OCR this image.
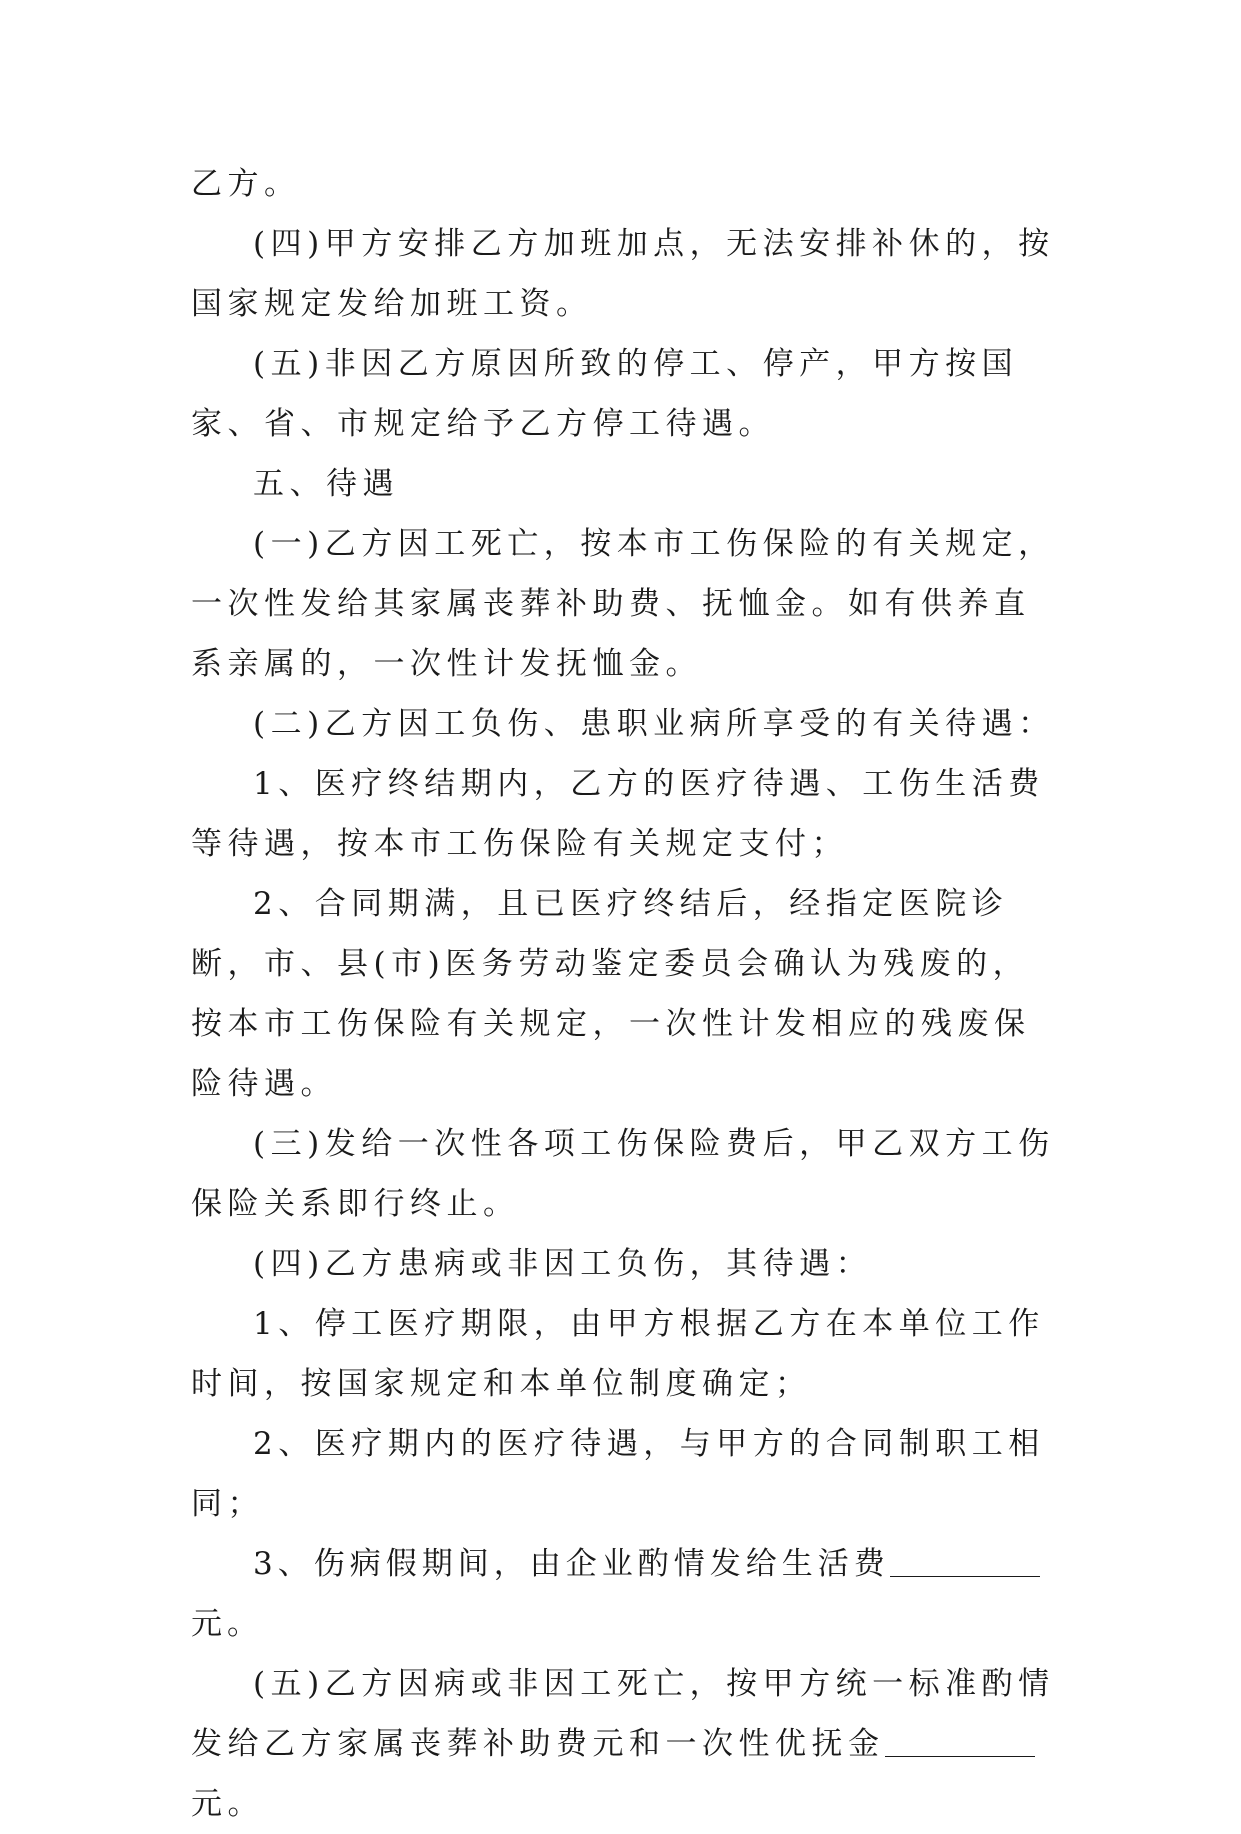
乙方。

(四)甲方安排乙方加班加点，无法安排补休的，按国家规定发给加班工资。

(五)非因乙方原因所致的停工、停产，甲方按国家、省、市规定给予乙方停工待遇。

五、待遇

(一)乙方因工死亡，按本市工伤保险的有关规定，一次性发给其家属丧葬补助费、抚恤金。如有供养直系亲属的，一次性计发抚恤金。

(二)乙方因工负伤、患职业病所享受的有关待遇：

1、医疗终结期内，乙方的医疗待遇、工伤生活费等待遇，按本市工伤保险有关规定支付；

2、合同期满，且已医疗终结后，经指定医院诊断，市、县(市)医务劳动鉴定委员会确认为残废的，按本市工伤保险有关规定，一次性计发相应的残废保险待遇。

(三)发给一次性各项工伤保险费后，甲乙双方工伤保险关系即行终止。

(四)乙方患病或非因工负伤，其待遇：

1、停工医疗期限，由甲方根据乙方在本单位工作时间，按国家规定和本单位制度确定；

2、医疗期内的医疗待遇，与甲方的合同制职工相同；

3、伤病假期间，由企业酌情发给生活费元。

(五)乙方因病或非因工死亡，按甲方统一标准酌情发给乙方家属丧葬补助费元和一次性优抚金元。
